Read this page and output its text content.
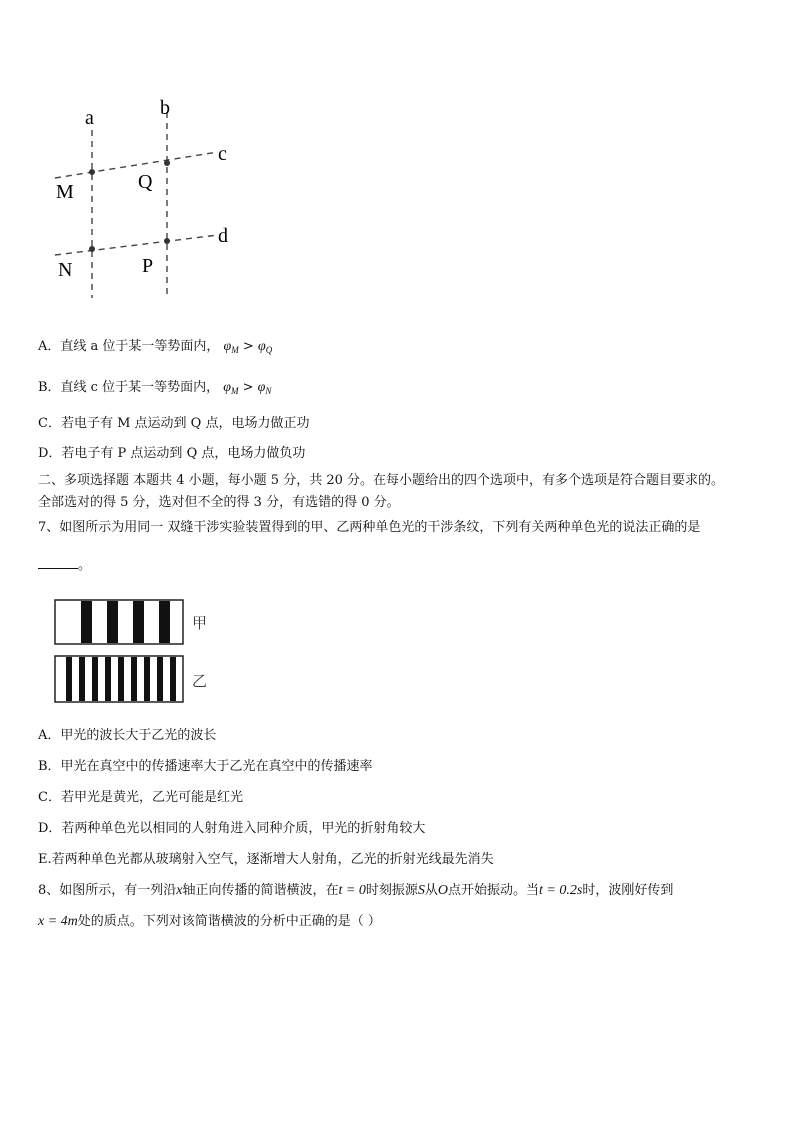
a	b
c
d
M	Q
N	P
A．直线 a 位于某一等势面内， $\varphi_M > \varphi_Q$
B．直线 c 位于某一等势面内， $\varphi_M > \varphi_N$
C．若电子有 M 点运动到 Q 点，电场力做正功
D．若电子有 P 点运动到 Q 点，电场力做负功
二、多项选择题 本题共 4 小题，每小题 5 分，共 20 分。在每小题给出的四个选项中，有多个选项是符合题目要求的。
全部选对的得 5 分，选对但不全的得 3 分，有选错的得 0 分。
7、如图所示为用同一 双缝干涉实验装置得到的甲、乙两种单色光的干涉条纹，下列有关两种单色光的说法正确的是
。
甲
乙
A．甲光的波长大于乙光的波长
B．甲光在真空中的传播速率大于乙光在真空中的传播速率
C．若甲光是黄光，乙光可能是红光
D．若两种单色光以相同的人射角进入同种介质，甲光的折射角较大
E.若两种单色光都从玻璃射入空气，逐渐增大人射角，乙光的折射光线最先消失
8、如图所示，有一列沿x轴正向传播的简谐横波，在t = 0时刻振源S从O点开始振动。当t = 0.2s时，波刚好传到
x = 4m处的质点。下列对该简谐横波的分析中正确的是（ ）
